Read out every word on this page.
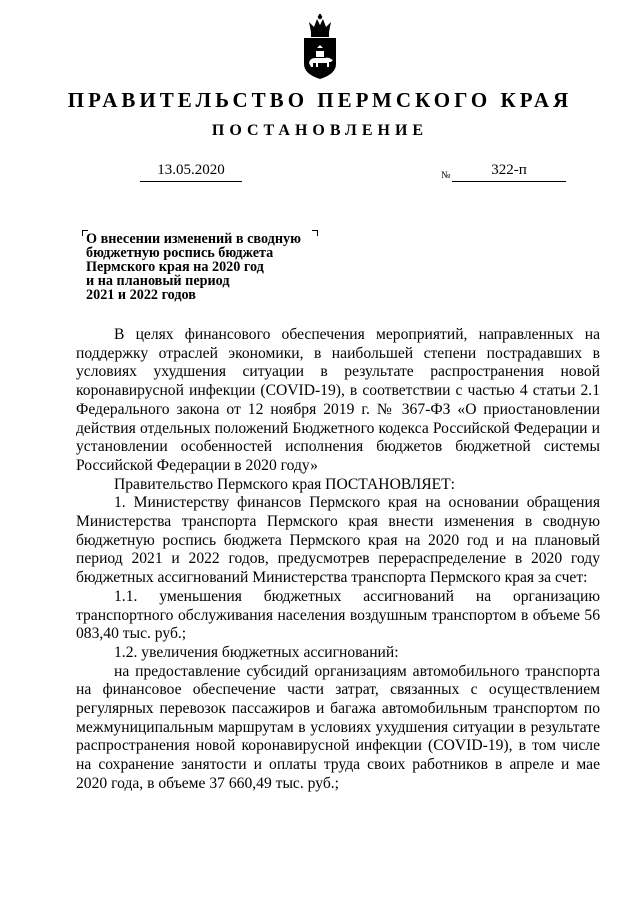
ПРАВИТЕЛЬСТВО ПЕРМСКОГО КРАЯ
ПОСТАНОВЛЕНИЕ
13.05.2020	№	322-п
О внесении изменений в сводную
бюджетную роспись бюджета
Пермского края на 2020 год
и на плановый период
2021 и 2022 годов

В целях финансового обеспечения мероприятий, направленных на поддержку отраслей экономики, в наибольшей степени пострадавших в условиях ухудшения ситуации в результате распространения новой коронавирусной инфекции (COVID-19), в соответствии с частью 4 статьи 2.1 Федерального закона от 12 ноября 2019 г. № 367-ФЗ «О приостановлении действия отдельных положений Бюджетного кодекса Российской Федерации и установлении особенностей исполнения бюджетов бюджетной системы Российской Федерации в 2020 году»

Правительство Пермского края ПОСТАНОВЛЯЕТ:

1. Министерству финансов Пермского края на основании обращения Министерства транспорта Пермского края внести изменения в сводную бюджетную роспись бюджета Пермского края на 2020 год и на плановый период 2021 и 2022 годов, предусмотрев перераспределение в 2020 году бюджетных ассигнований Министерства транспорта Пермского края за счет:

1.1. уменьшения бюджетных ассигнований на организацию транспортного обслуживания населения воздушным транспортом в объеме 56 083,40 тыс. руб.;

1.2. увеличения бюджетных ассигнований:

на предоставление субсидий организациям автомобильного транспорта на финансовое обеспечение части затрат, связанных с осуществлением регулярных перевозок пассажиров и багажа автомобильным транспортом по межмуниципальным маршрутам в условиях ухудшения ситуации в результате распространения новой коронавирусной инфекции (COVID-19), в том числе на сохранение занятости и оплаты труда своих работников в апреле и мае 2020 года, в объеме 37 660,49 тыс. руб.;
